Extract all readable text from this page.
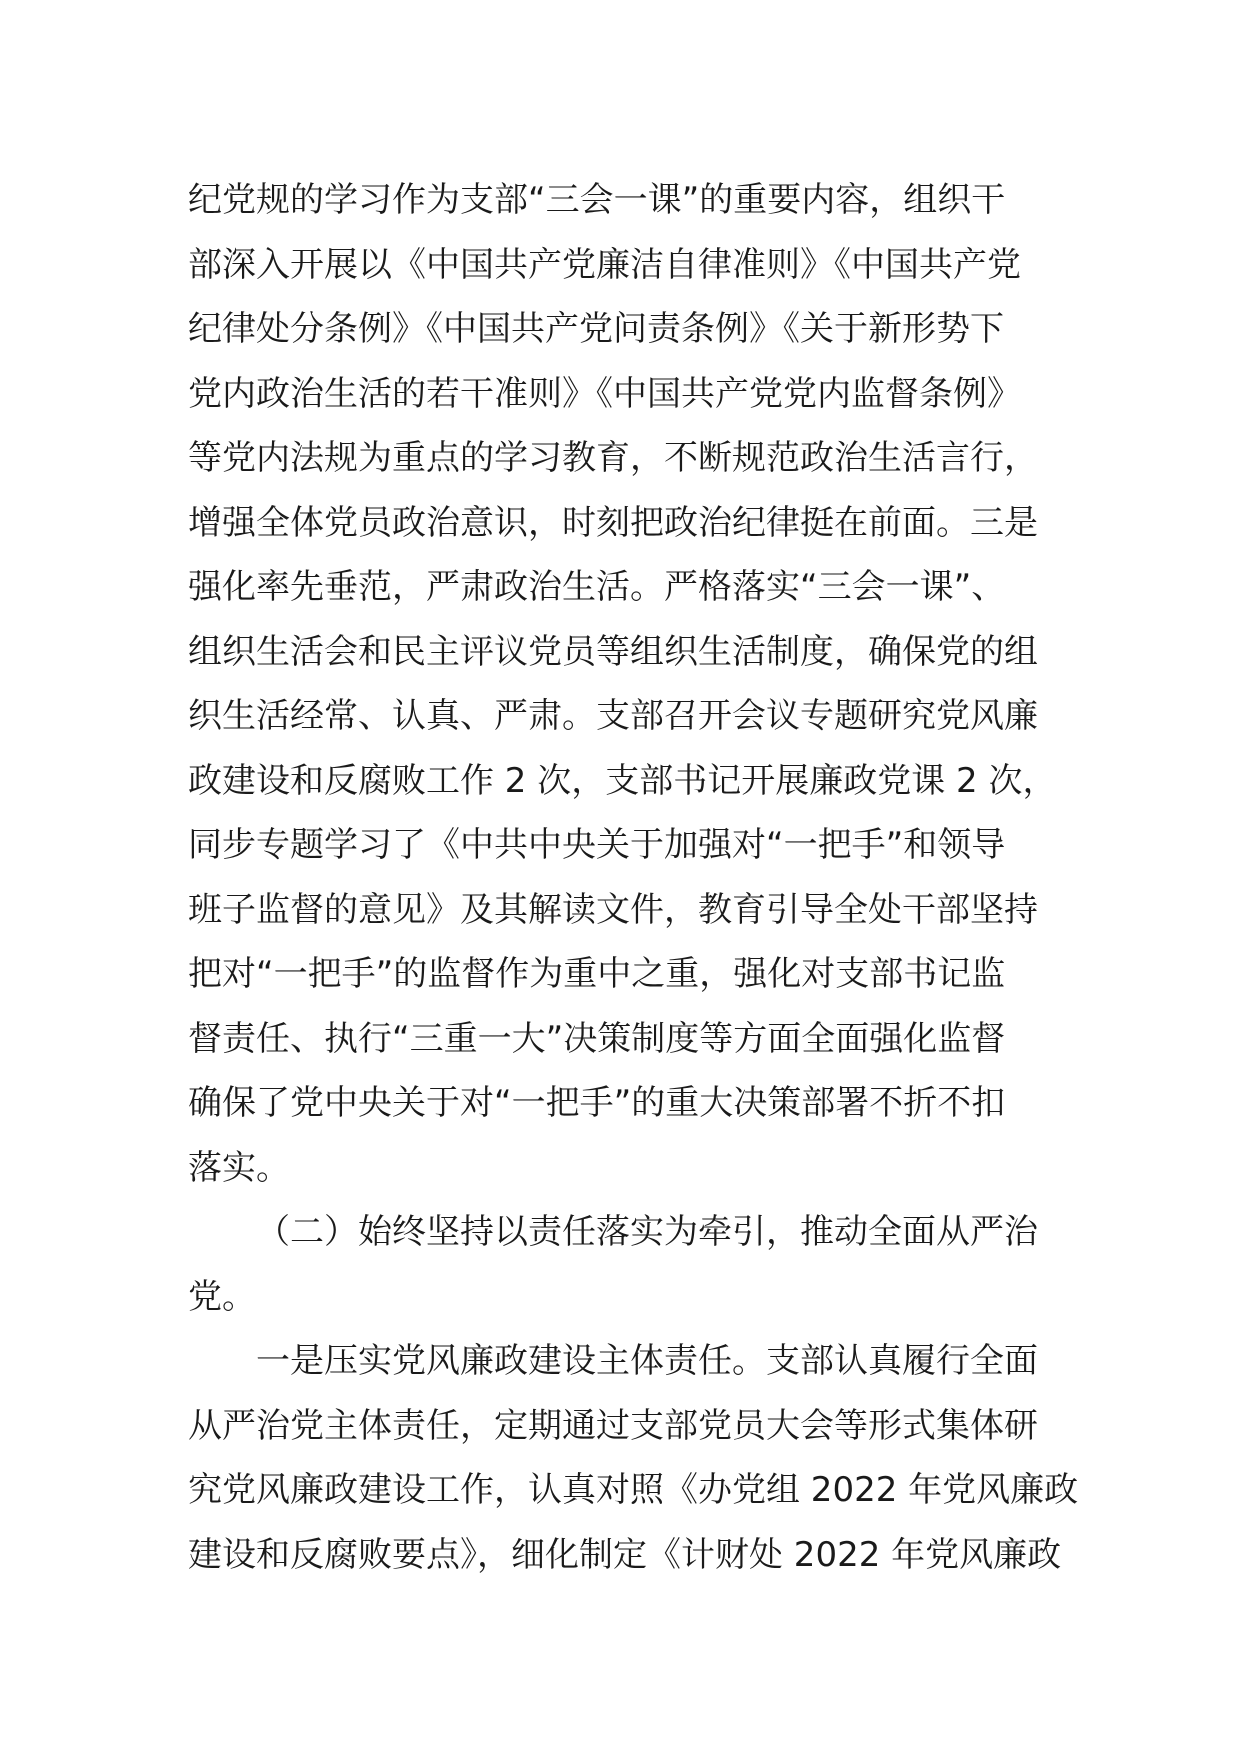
纪党规的学习作为支部“三会一课”的重要内容，组织干
部深入开展以《中国共产党廉洁自律准则》《中国共产党
纪律处分条例》《中国共产党问责条例》《关于新形势下
党内政治生活的若干准则》《中国共产党党内监督条例》
等党内法规为重点的学习教育，不断规范政治生活言行，
增强全体党员政治意识，时刻把政治纪律挺在前面。三是
强化率先垂范，严肃政治生活。严格落实“三会一课”、
组织生活会和民主评议党员等组织生活制度，确保党的组
织生活经常、认真、严肃。支部召开会议专题研究党风廉
政建设和反腐败工作 2 次，支部书记开展廉政党课 2 次，
同步专题学习了《中共中央关于加强对“一把手”和领导
班子监督的意见》及其解读文件，教育引导全处干部坚持
把对“一把手”的监督作为重中之重，强化对支部书记监
督责任、执行“三重一大”决策制度等方面全面强化监督
确保了党中央关于对“一把手”的重大决策部署不折不扣
落实。
（二）始终坚持以责任落实为牵引，推动全面从严治
党。
一是压实党风廉政建设主体责任。支部认真履行全面
从严治党主体责任，定期通过支部党员大会等形式集体研
究党风廉政建设工作，认真对照《办党组 2022 年党风廉政
建设和反腐败要点》，细化制定《计财处 2022 年党风廉政
